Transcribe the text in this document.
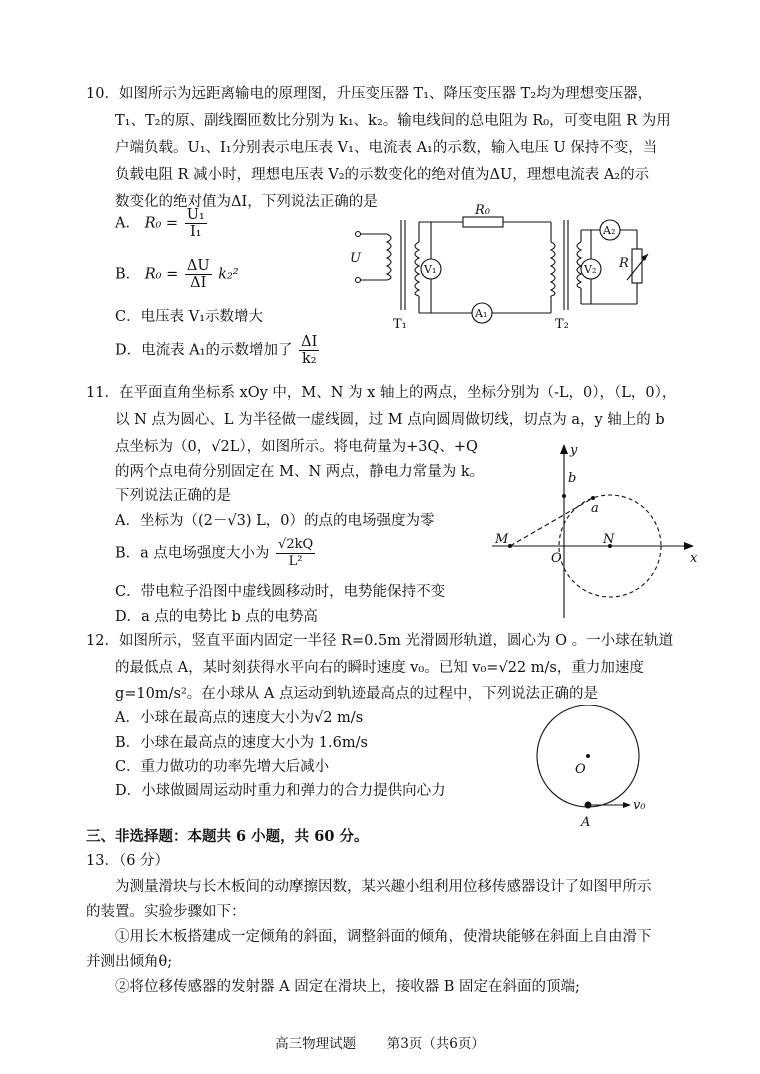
10．如图所示为远距离输电的原理图，升压变压器 T₁、降压变压器 T₂均为理想变压器，
T₁、T₂的原、副线圈匝数比分别为 k₁、k₂。输电线间的总电阻为 R₀，可变电阻 R 为用
户端负载。U₁、I₁分别表示电压表 V₁、电流表 A₁的示数，输入电压 U 保持不变，当
负载电阻 R 减小时，理想电压表 V₂的示数变化的绝对值为ΔU，理想电流表 A₂的示
数变化的绝对值为ΔI，下列说法正确的是
A． $R_0 = \frac{\text{U₁}}{\text{I₁}}$
B． $R_0 = \frac{\Delta U}{\Delta I} k_2^2$
C．电压表 V₁示数增大
D．电流表 A₁的示数增加了 $\frac{\Delta I}{\text{k₂}}$
R₀
U
V₁
A₁
A₂
V₂ R
T₁	T₂
11．在平面直角坐标系 xOy 中，M、N 为 x 轴上的两点，坐标分别为（-L，0），（L，0），
以 N 点为圆心、L 为半径做一虚线圆，过 M 点向圆周做切线，切点为 a，y 轴上的 b
点坐标为（0，√2L），如图所示。将电荷量为+3Q、+Q
的两个点电荷分别固定在 M、N 两点，静电力常量为 k。
下列说法正确的是
A．坐标为（(2－√3) L，0）的点的电场强度为零
B．a 点电场强度大小为 $\frac{√2kQ}{\text{L²}}$
C．带电粒子沿图中虚线圆移动时，电势能保持不变
D．a 点的电势比 b 点的电势高
y
b
a
M
O
N
x
12．如图所示，竖直平面内固定一半径 R=0.5m 光滑圆形轨道，圆心为 O 。一小球在轨道
的最低点 A，某时刻获得水平向右的瞬时速度 v₀。已知 v₀=√22 m/s，重力加速度
g=10m/s²。在小球从 A 点运动到轨迹最高点的过程中，下列说法正确的是
A．小球在最高点的速度大小为√2 m/s
B．小球在最高点的速度大小为 1.6m/s
C．重力做功的功率先增大后减小
D．小球做圆周运动时重力和弹力的合力提供向心力
O
A
v₀
三、非选择题：本题共 6 小题，共 60 分。
13．（6 分）
为测量滑块与长木板间的动摩擦因数，某兴趣小组利用位移传感器设计了如图甲所示
的装置。实验步骤如下：
①用长木板搭建成一定倾角的斜面，调整斜面的倾角，使滑块能够在斜面上自由滑下
并测出倾角θ;
②将位移传感器的发射器 A 固定在滑块上，接收器 B 固定在斜面的顶端;
高三物理试题 第3页（共6页）
